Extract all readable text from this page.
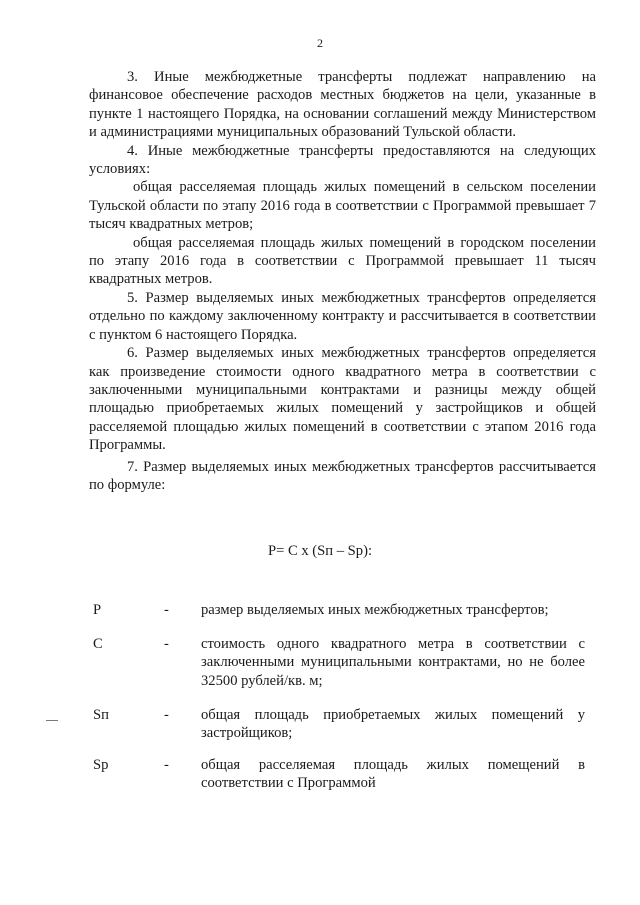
2

3. Иные межбюджетные трансферты подлежат направлению на финансовое обеспечение расходов местных бюджетов на цели, указанные в пункте 1 настоящего Порядка, на основании соглашений между Министерством и администрациями муниципальных образований Тульской области.

4. Иные межбюджетные трансферты предоставляются на следующих условиях:

общая расселяемая площадь жилых помещений в сельском поселении Тульской области по этапу 2016 года в соответствии с Программой превышает 7 тысяч квадратных метров;

общая расселяемая площадь жилых помещений в городском поселении по этапу 2016 года в соответствии с Программой превышает 11 тысяч квадратных метров.

5. Размер выделяемых иных межбюджетных трансфертов определяется отдельно по каждому заключенному контракту и рассчитывается в соответствии с пунктом 6 настоящего Порядка.

6. Размер выделяемых иных межбюджетных трансфертов определяется как произведение стоимости одного квадратного метра в соответствии с заключенными муниципальными контрактами и разницы между общей площадью приобретаемых жилых помещений у застройщиков и общей расселяемой площадью жилых помещений в соответствии с этапом 2016 года Программы.

7. Размер выделяемых иных межбюджетных трансфертов рассчитывается по формуле:

P= C x (Sп – Sp):
P	- размер выделяемых иных межбюджетных трансфертов;
C	- стоимость одного квадратного метра в соответствии с заключенными муниципальными контрактами, но не более 32500 рублей/кв. м;
Sп	- общая площадь приобретаемых жилых помещений у застройщиков;
Sp	- общая расселяемая площадь жилых помещений в соответствии с Программой
